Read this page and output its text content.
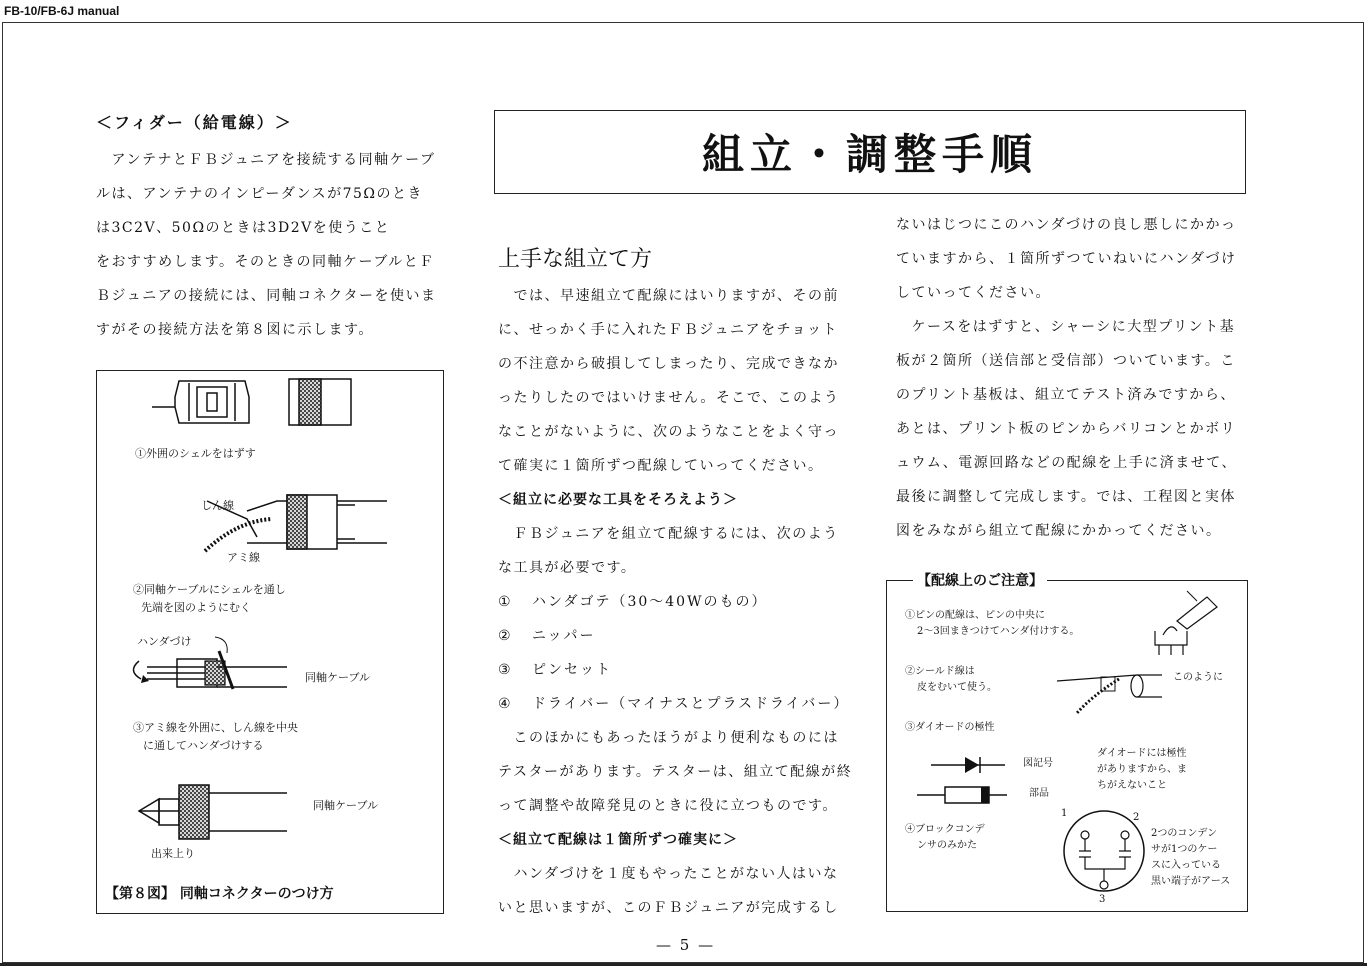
FB-10/FB-6J manual
＜フィダー（給電線）＞

　アンテナとＦＢジュニアを接続する同軸ケーブ

ルは、アンテナのインピーダンスが75Ωのとき

は3C2V、50Ωのときは3D2Vを使うこと

をおすすめします。そのときの同軸ケーブルとＦ

Ｂジュニアの接続には、同軸コネクターを使いま

すがその接続方法を第８図に示します。

①外囲のシェルをはずす
しん線
アミ線
②同軸ケーブルにシェルを通し
先端を図のようにむく
ハンダづけ
同軸ケーブル
③アミ線を外囲に、しん線を中央
に通してハンダづけする
同軸ケーブル
出来上り
【第８図】 同軸コネクターのつけ方
組立・調整手順
上手な組立て方

　では、早速組立て配線にはいりますが、その前

に、せっかく手に入れたＦＢジュニアをチョット

の不注意から破損してしまったり、完成できなか

ったりしたのではいけません。そこで、このよう

なことがないように、次のようなことをよく守っ

て確実に１箇所ずつ配線していってください。

＜組立に必要な工具をそろえよう＞

　ＦＢジュニアを組立て配線するには、次のよう

な工具が必要です。

① ハンダゴテ（30〜40Wのもの）
② ニッパー
③ ピンセット
④ ドライバー（マイナスとプラスドライバー）

　このほかにもあったほうがより便利なものには

テスターがあります。テスターは、組立て配線が終

って調整や故障発見のときに役に立つものです。

＜組立て配線は１箇所ずつ確実に＞

　ハンダづけを１度もやったことがない人はいな

いと思いますが、このＦＢジュニアが完成するし

ないはじつにこのハンダづけの良し悪しにかかっ

ていますから、１箇所ずつていねいにハンダづけ

していってください。

　ケースをはずすと、シャーシに大型プリント基

板が２箇所（送信部と受信部）ついています。こ

のプリント基板は、組立てテスト済みですから、

あとは、プリント板のピンからバリコンとかボリ

ュウム、電源回路などの配線を上手に済ませて、

最後に調整して完成します。では、工程図と実体

図をみながら組立て配線にかかってください。

【配線上のご注意】
①ピンの配線は、ピンの中央に
2〜3回まきつけてハンダ付けする。
②シールド線は
皮をむいて使う。
このように
③ダイオードの極性
図記号
部品
ダイオードには極性
がありますから、ま
ちがえないこと
④ブロックコンデ
ンサのみかた
1	2
3
2つのコンデン
サが1つのケー
スに入っている
黒い端子がアース
— 5 —
